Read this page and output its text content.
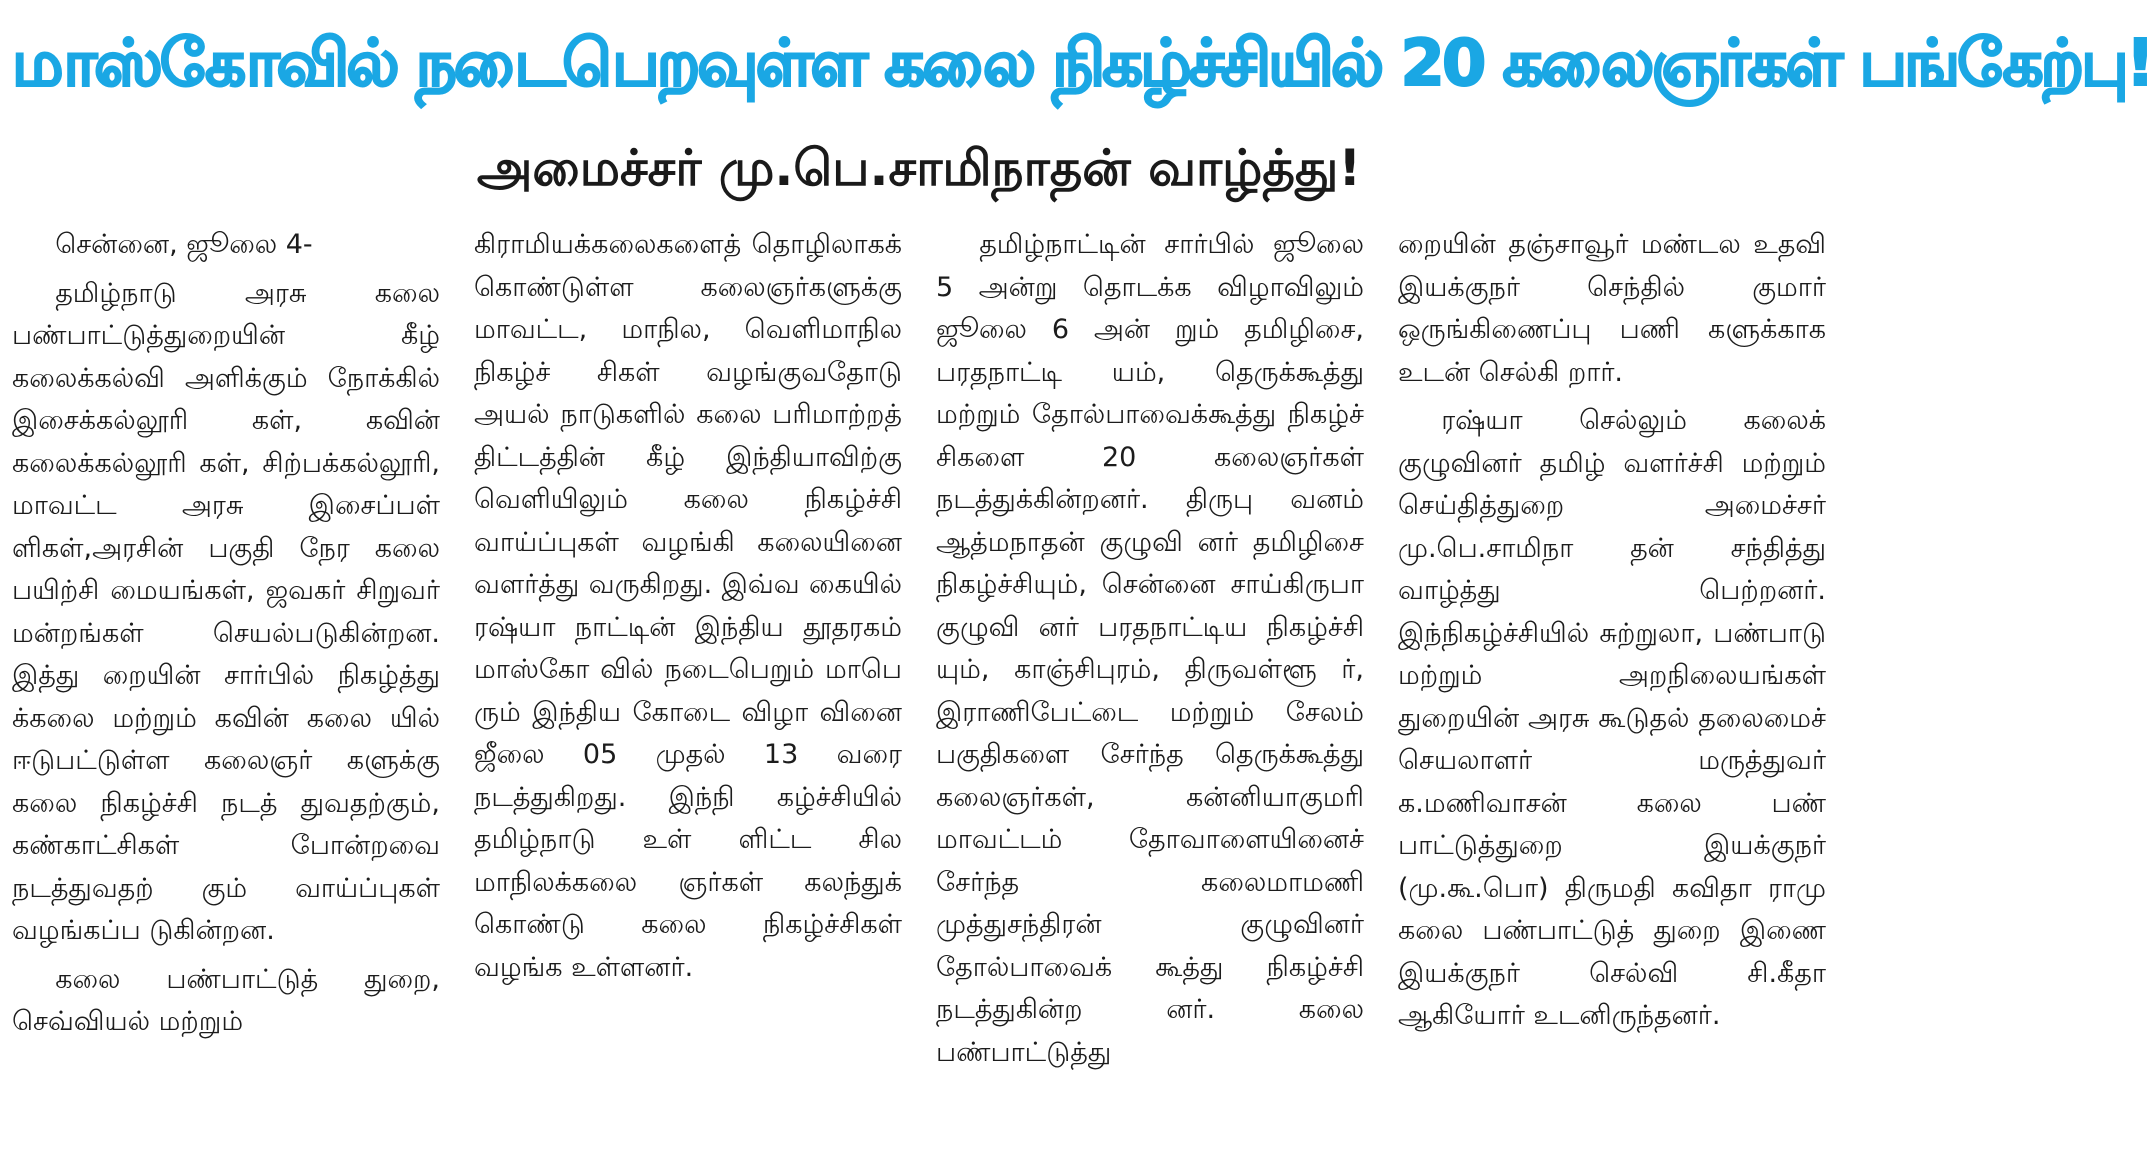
மாஸ்கோவில் நடைபெறவுள்ள கலை நிகழ்ச்சியில் 20 கலைஞர்கள் பங்கேற்பு!
அமைச்சர் மு.பெ.சாமிநாதன் வாழ்த்து!

சென்னை, ஜூலை 4-

தமிழ்நாடு அரசு கலை பண்பாட்டுத்துறையின் கீழ் கலைக்கல்வி அளிக்கும் நோக்கில் இசைக்கல்லூரி கள், கவின் கலைக்கல்லூரி கள், சிற்பக்கல்லூரி, மாவட்ட அரசு இசைப்பள் ளிகள்,அரசின் பகுதி நேர கலை பயிற்சி மையங்கள், ஜவகர் சிறுவர் மன்றங்கள் செயல்படுகின்றன. இத்து றையின் சார்பில் நிகழ்த்து க்கலை மற்றும் கவின் கலை யில் ஈடுபட்டுள்ள கலைஞர் களுக்கு கலை நிகழ்ச்சி நடத் துவதற்கும், கண்காட்சிகள் போன்றவை நடத்துவதற் கும் வாய்ப்புகள் வழங்கப்ப டுகின்றன.

கலை பண்பாட்டுத் துறை, செவ்வியல் மற்றும்

கிராமியக்கலைகளைத் தொழிலாகக் கொண்டுள்ள கலைஞர்களுக்கு மாவட்ட, மாநில, வெளிமாநில நிகழ்ச் சிகள் வழங்குவதோடு அயல் நாடுகளில் கலை பரிமாற்றத் திட்டத்தின் கீழ் இந்தியாவிற்கு வெளியிலும் கலை நிகழ்ச்சி வாய்ப்புகள் வழங்கி கலையினை வளர்த்து வருகிறது. இவ்வ கையில் ரஷ்யா நாட்டின் இந்திய தூதரகம் மாஸ்கோ வில் நடைபெறும் மாபெ ரும் இந்திய கோடை விழா வினை ஜீலை 05 முதல் 13 வரை நடத்துகிறது. இந்நி கழ்ச்சியில் தமிழ்நாடு உள் ளிட்ட சில மாநிலக்கலை ஞர்கள் கலந்துக் கொண்டு கலை நிகழ்ச்சிகள் வழங்க உள்ளனர்.

தமிழ்நாட்டின் சார்பில் ஜூலை 5 அன்று தொடக்க விழாவிலும் ஜூலை 6 அன் றும் தமிழிசை, பரதநாட்டி யம், தெருக்கூத்து மற்றும் தோல்பாவைக்கூத்து நிகழ்ச் சிகளை 20 கலைஞர்கள் நடத்துக்கின்றனர். திருபு வனம் ஆத்மநாதன் குழுவி னர் தமிழிசை நிகழ்ச்சியும், சென்னை சாய்கிருபா குழுவி னர் பரதநாட்டிய நிகழ்ச்சி யும், காஞ்சிபுரம், திருவள்ளூ ர், இராணிபேட்டை மற்றும் சேலம் பகுதிகளை சேர்ந்த தெருக்கூத்து கலைஞர்கள், கன்னியாகுமரி மாவட்டம் தோவாளையினைச் சேர்ந்த கலைமாமணி முத்துசந்திரன் குழுவினர் தோல்பாவைக் கூத்து நிகழ்ச்சி நடத்துகின்ற னர். கலை பண்பாட்டுத்து

றையின் தஞ்சாவூர் மண்டல உதவி இயக்குநர் செந்தில் குமார் ஒருங்கிணைப்பு பணி களுக்காக உடன் செல்கி றார்.

ரஷ்யா செல்லும் கலைக் குழுவினர் தமிழ் வளர்ச்சி மற்றும் செய்தித்துறை அமைச்சர் மு.பெ.சாமிநா தன் சந்தித்து வாழ்த்து பெற்றனர். இந்நிகழ்ச்சியில் சுற்றுலா, பண்பாடு மற்றும் அறநிலையங்கள் துறையின் அரசு கூடுதல் தலைமைச் செயலாளர் மருத்துவர் க.மணிவாசன் கலை பண் பாட்டுத்துறை இயக்குநர் (மு.கூ.பொ) திருமதி கவிதா ராமு கலை பண்பாட்டுத் துறை இணை இயக்குநர் செல்வி சி.கீதா ஆகியோர் உடனிருந்தனர்.
